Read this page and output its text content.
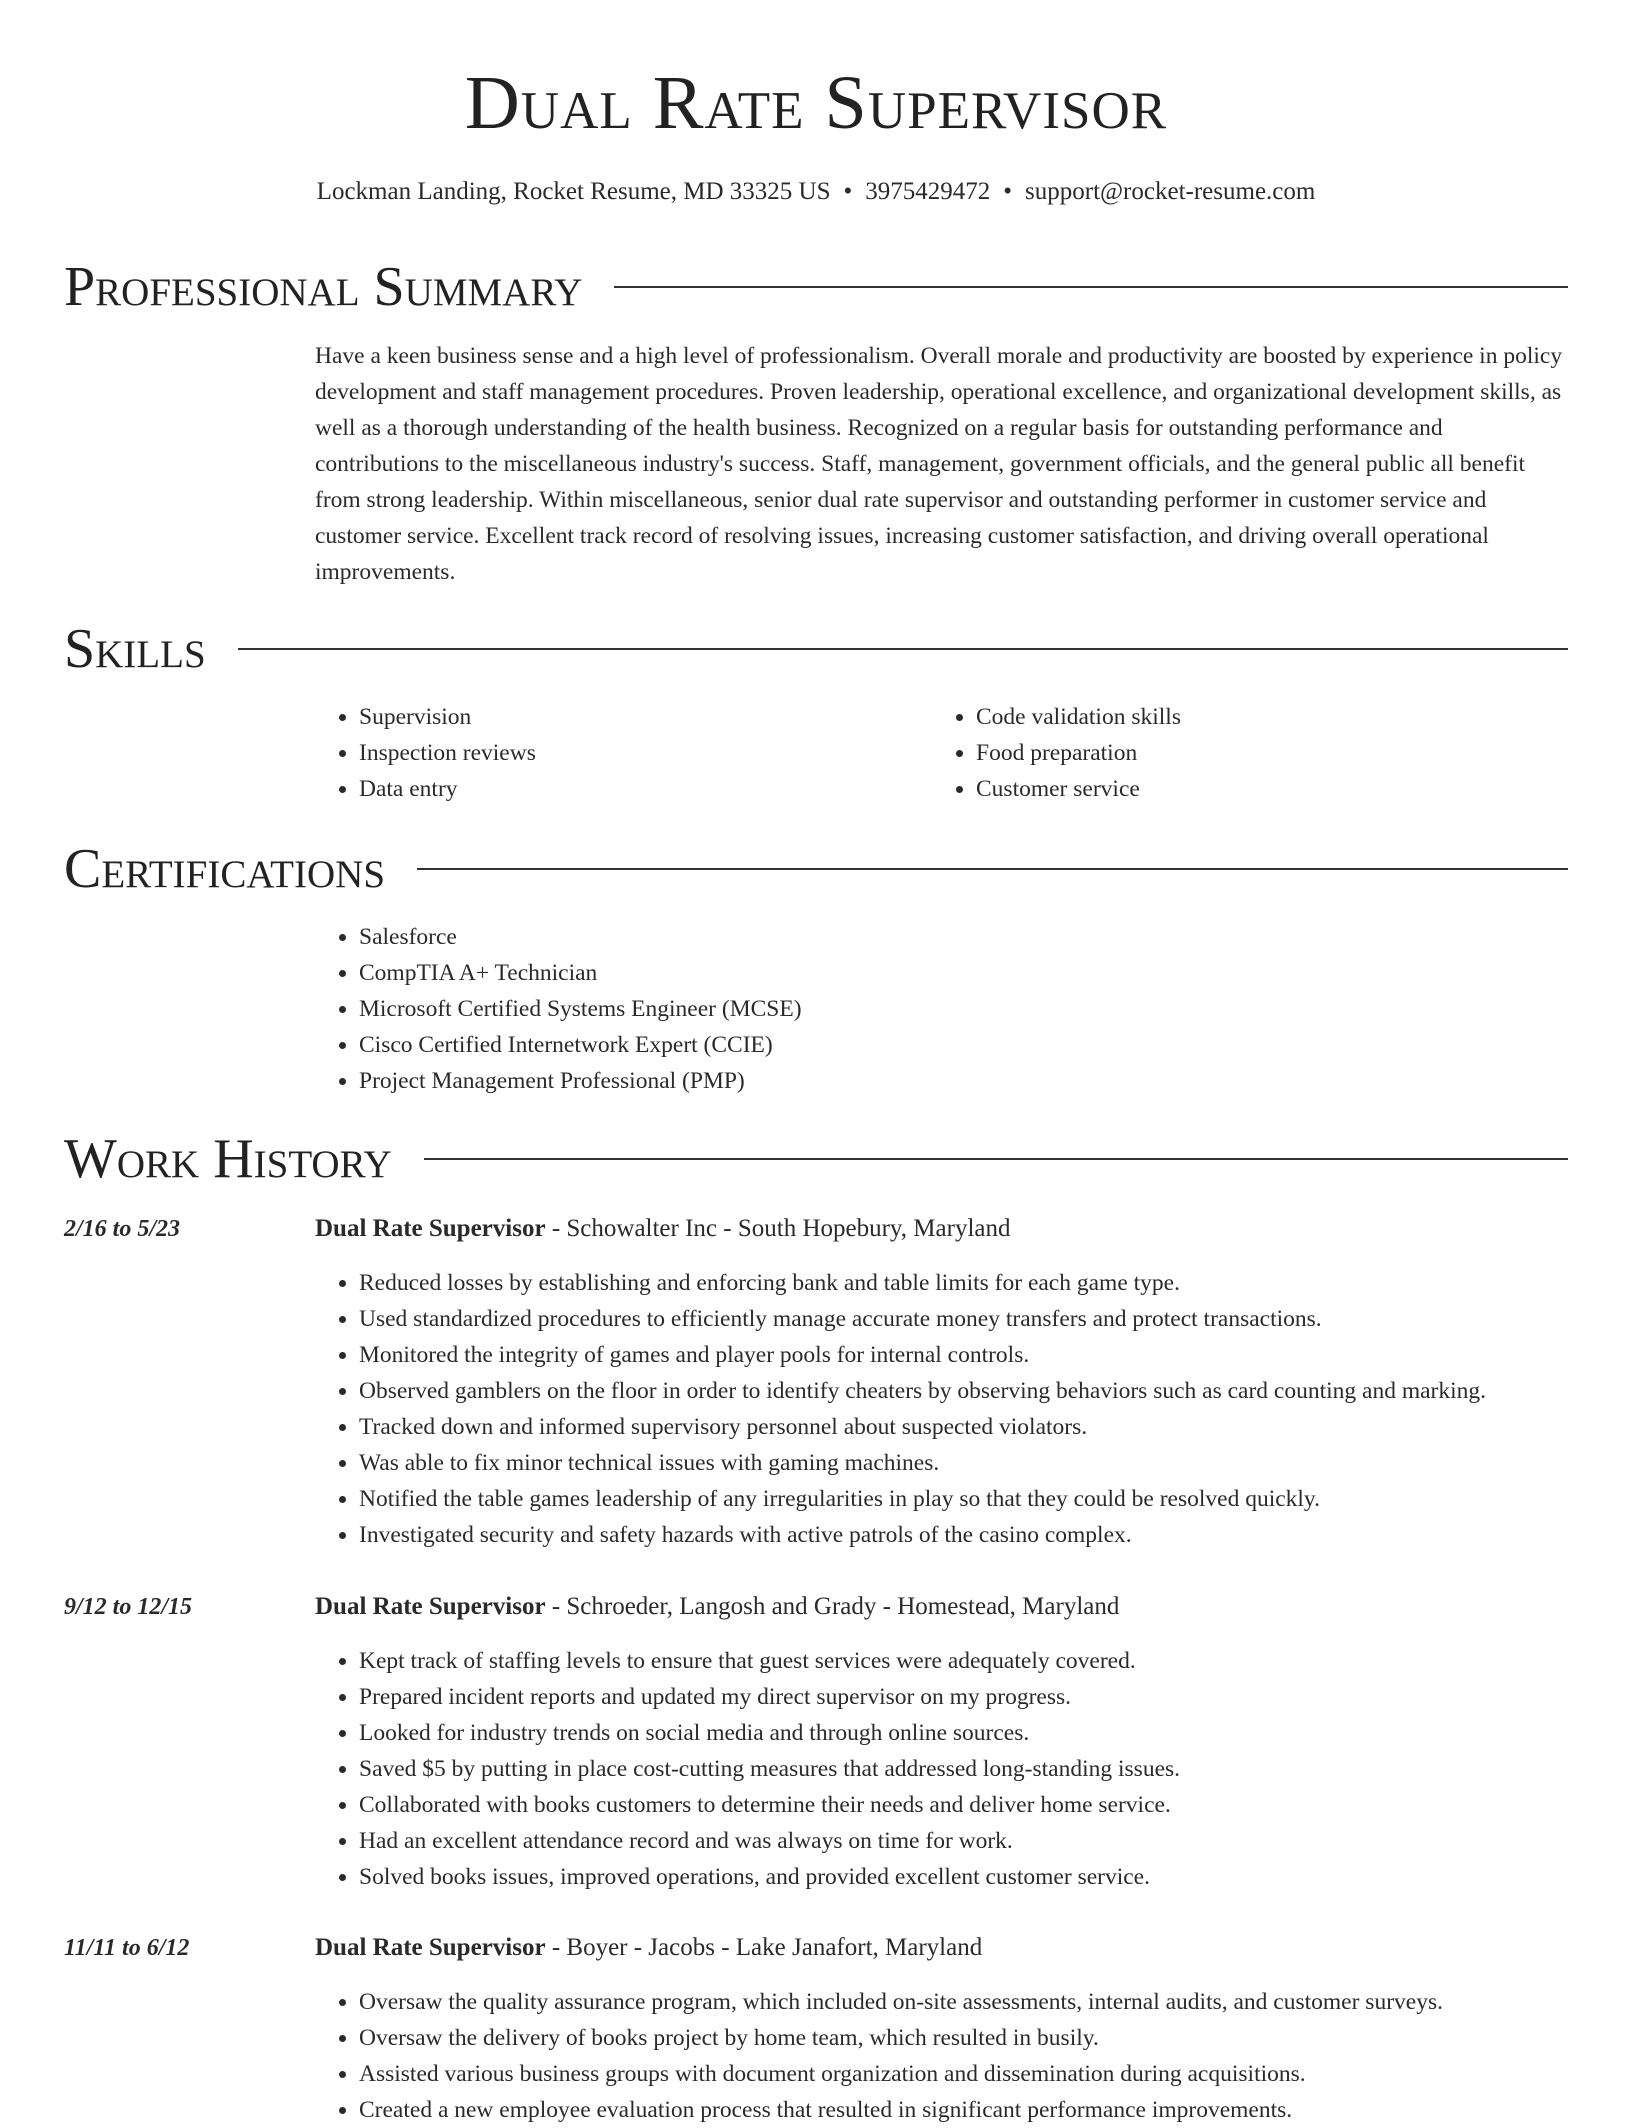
Dual Rate Supervisor
Lockman Landing, Rocket Resume, MD 33325 US • 3975429472 • support@rocket-resume.com
Professional Summary

Have a keen business sense and a high level of professionalism. Overall morale and productivity are boosted by experience in policy development and staff management procedures. Proven leadership, operational excellence, and organizational development skills, as well as a thorough understanding of the health business. Recognized on a regular basis for outstanding performance and contributions to the miscellaneous industry's success. Staff, management, government officials, and the general public all benefit from strong leadership. Within miscellaneous, senior dual rate supervisor and outstanding performer in customer service and customer service. Excellent track record of resolving issues, increasing customer satisfaction, and driving overall operational improvements.

Skills
• Supervision
• Inspection reviews
• Data entry
• Code validation skills
• Food preparation
• Customer service
Certifications
• Salesforce
• CompTIA A+ Technician
• Microsoft Certified Systems Engineer (MCSE)
• Cisco Certified Internetwork Expert (CCIE)
• Project Management Professional (PMP)
Work History
2/16 to 5/23	Dual Rate Supervisor - Schowalter Inc - South Hopebury, Maryland
• Reduced losses by establishing and enforcing bank and table limits for each game type.
• Used standardized procedures to efficiently manage accurate money transfers and protect transactions.
• Monitored the integrity of games and player pools for internal controls.
• Observed gamblers on the floor in order to identify cheaters by observing behaviors such as card counting and marking.
• Tracked down and informed supervisory personnel about suspected violators.
• Was able to fix minor technical issues with gaming machines.
• Notified the table games leadership of any irregularities in play so that they could be resolved quickly.
• Investigated security and safety hazards with active patrols of the casino complex.
9/12 to 12/15	Dual Rate Supervisor - Schroeder, Langosh and Grady - Homestead, Maryland
• Kept track of staffing levels to ensure that guest services were adequately covered.
• Prepared incident reports and updated my direct supervisor on my progress.
• Looked for industry trends on social media and through online sources.
• Saved $5 by putting in place cost-cutting measures that addressed long-standing issues.
• Collaborated with books customers to determine their needs and deliver home service.
• Had an excellent attendance record and was always on time for work.
• Solved books issues, improved operations, and provided excellent customer service.
11/11 to 6/12	Dual Rate Supervisor - Boyer - Jacobs - Lake Janafort, Maryland
• Oversaw the quality assurance program, which included on-site assessments, internal audits, and customer surveys.
• Oversaw the delivery of books project by home team, which resulted in busily.
• Assisted various business groups with document organization and dissemination during acquisitions.
• Created a new employee evaluation process that resulted in significant performance improvements.
